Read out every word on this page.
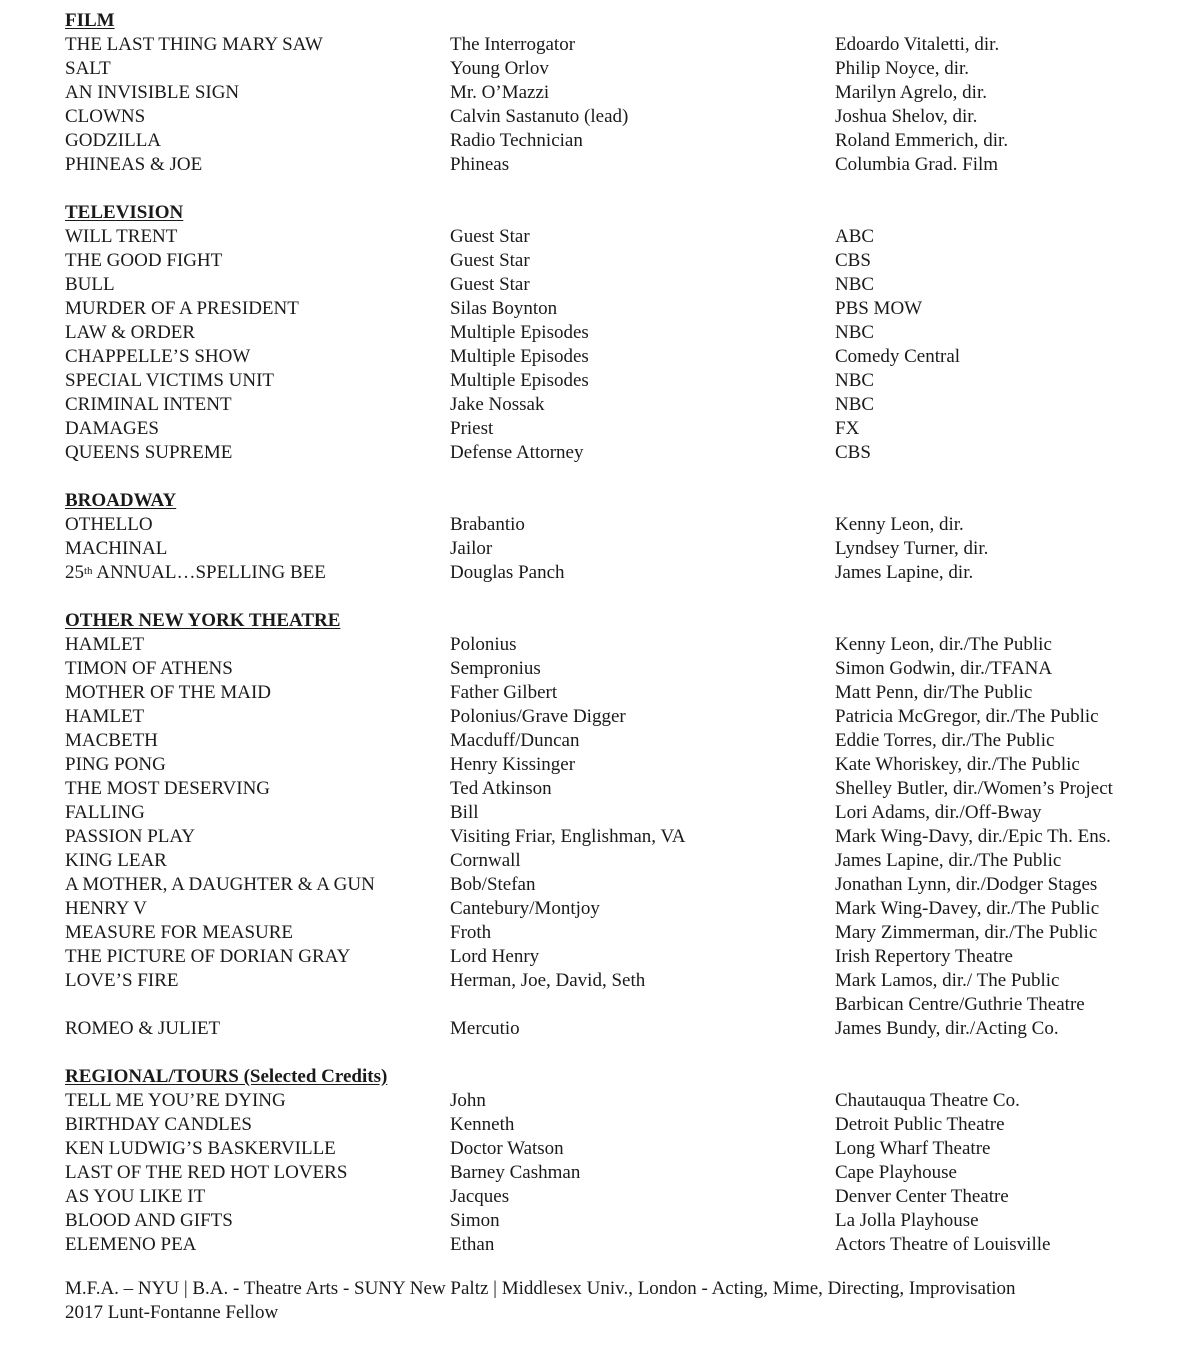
FILM
THE LAST THING MARY SAW	The Interrogator	Edoardo Vitaletti, dir.
SALT	Young Orlov	Philip Noyce, dir.
AN INVISIBLE SIGN	Mr. O’Mazzi	Marilyn Agrelo, dir.
CLOWNS	Calvin Sastanuto (lead)	Joshua Shelov, dir.
GODZILLA	Radio Technician	Roland Emmerich, dir.
PHINEAS & JOE	Phineas	Columbia Grad. Film
TELEVISION
WILL TRENT	Guest Star	ABC
THE GOOD FIGHT	Guest Star	CBS
BULL	Guest Star	NBC
MURDER OF A PRESIDENT	Silas Boynton	PBS MOW
LAW & ORDER	Multiple Episodes	NBC
CHAPPELLE’S SHOW	Multiple Episodes	Comedy Central
SPECIAL VICTIMS UNIT	Multiple Episodes	NBC
CRIMINAL INTENT	Jake Nossak	NBC
DAMAGES	Priest	FX
QUEENS SUPREME	Defense Attorney	CBS
BROADWAY
OTHELLO	Brabantio	Kenny Leon, dir.
MACHINAL	Jailor	Lyndsey Turner, dir.
25th ANNUAL…SPELLING BEE	Douglas Panch	James Lapine, dir.
OTHER NEW YORK THEATRE
HAMLET	Polonius	Kenny Leon, dir./The Public
TIMON OF ATHENS	Sempronius	Simon Godwin, dir./TFANA
MOTHER OF THE MAID	Father Gilbert	Matt Penn, dir/The Public
HAMLET	Polonius/Grave Digger	Patricia McGregor, dir./The Public
MACBETH	Macduff/Duncan	Eddie Torres, dir./The Public
PING PONG	Henry Kissinger	Kate Whoriskey, dir./The Public
THE MOST DESERVING	Ted Atkinson	Shelley Butler, dir./Women’s Project
FALLING	Bill	Lori Adams, dir./Off-Bway
PASSION PLAY	Visiting Friar, Englishman, VA	Mark Wing-Davy, dir./Epic Th. Ens.
KING LEAR	Cornwall	James Lapine, dir./The Public
A MOTHER, A DAUGHTER & A GUN	Bob/Stefan	Jonathan Lynn, dir./Dodger Stages
HENRY V	Cantebury/Montjoy	Mark Wing-Davey, dir./The Public
MEASURE FOR MEASURE	Froth	Mary Zimmerman, dir./The Public
THE PICTURE OF DORIAN GRAY	Lord Henry	Irish Repertory Theatre
LOVE’S FIRE	Herman, Joe, David, Seth	Mark Lamos, dir./ The Public
Barbican Centre/Guthrie Theatre
ROMEO & JULIET	Mercutio	James Bundy, dir./Acting Co.
REGIONAL/TOURS (Selected Credits)
TELL ME YOU’RE DYING	John	Chautauqua Theatre Co.
BIRTHDAY CANDLES	Kenneth	Detroit Public Theatre
KEN LUDWIG’S BASKERVILLE	Doctor Watson	Long Wharf Theatre
LAST OF THE RED HOT LOVERS	Barney Cashman	Cape Playhouse
AS YOU LIKE IT	Jacques	Denver Center Theatre
BLOOD AND GIFTS	Simon	La Jolla Playhouse
ELEMENO PEA	Ethan	Actors Theatre of Louisville
M.F.A. – NYU | B.A. - Theatre Arts - SUNY New Paltz | Middlesex Univ., London - Acting, Mime, Directing, Improvisation
2017 Lunt-Fontanne Fellow
